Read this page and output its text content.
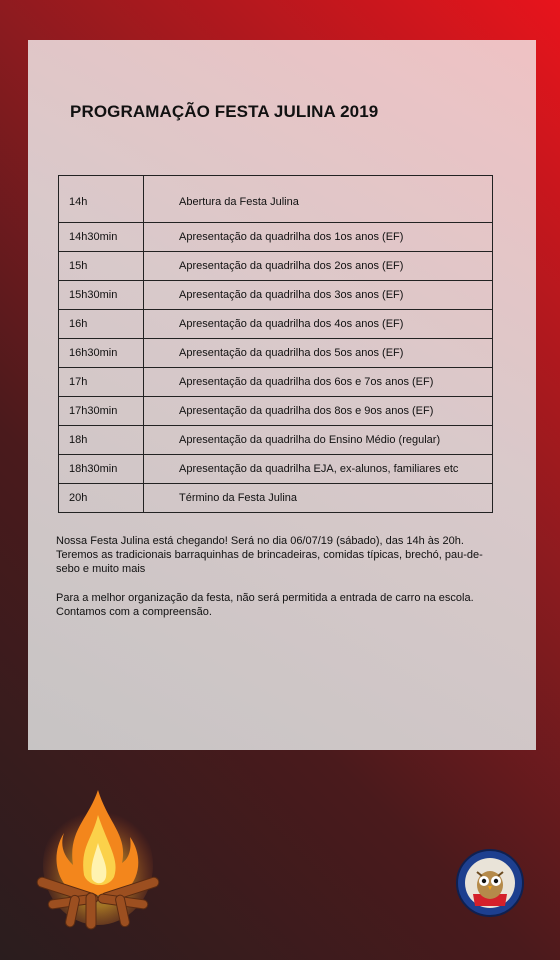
PROGRAMAÇÃO FESTA JULINA 2019
14h	Abertura da Festa Julina
14h30min	Apresentação da quadrilha dos 1os anos (EF)
15h	Apresentação da quadrilha dos 2os anos (EF)
15h30min	Apresentação da quadrilha dos 3os anos (EF)
16h	Apresentação da quadrilha dos 4os anos (EF)
16h30min	Apresentação da quadrilha dos 5os anos (EF)
17h	Apresentação da quadrilha dos 6os e 7os anos (EF)
17h30min	Apresentação da quadrilha dos 8os e 9os anos (EF)
18h	Apresentação da quadrilha do Ensino Médio (regular)
18h30min	Apresentação da quadrilha EJA, ex-alunos, familiares etc
20h	Término da Festa Julina

Nossa Festa Julina está chegando! Será no dia 06/07/19 (sábado), das 14h às 20h. Teremos as tradicionais barraquinhas de brincadeiras, comidas típicas, brechó, pau-de-sebo e muito mais

Para a melhor organização da festa, não será permitida a entrada de carro na escola. Contamos com a compreensão.
